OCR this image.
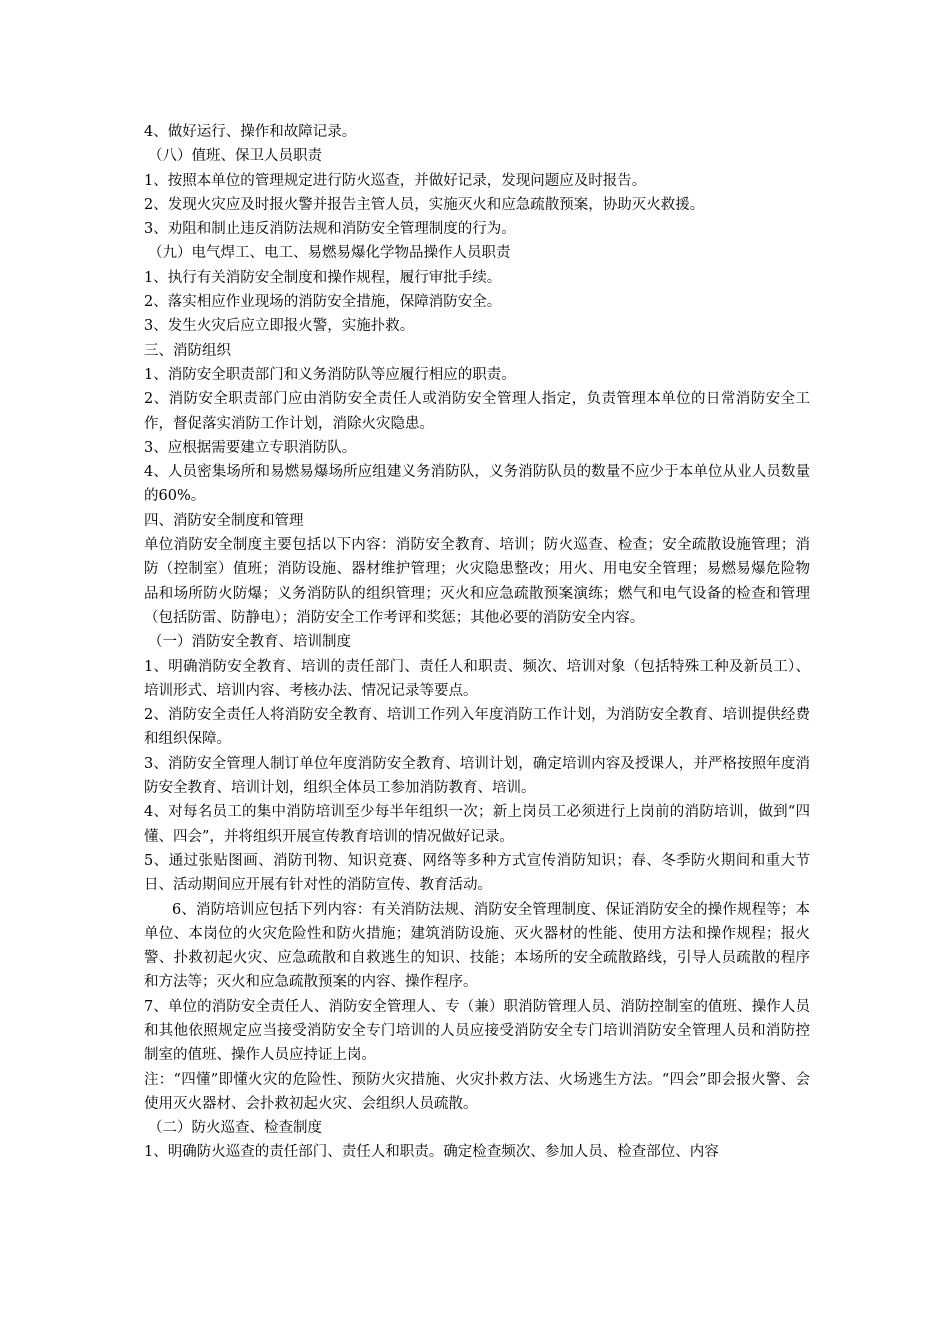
4、做好运行、操作和故障记录。

（八）值班、保卫人员职责

1、按照本单位的管理规定进行防火巡查，并做好记录，发现问题应及时报告。

2、发现火灾应及时报火警并报告主管人员，实施灭火和应急疏散预案，协助灭火救援。

3、劝阻和制止违反消防法规和消防安全管理制度的行为。

（九）电气焊工、电工、易燃易爆化学物品操作人员职责

1、执行有关消防安全制度和操作规程，履行审批手续。

2、落实相应作业现场的消防安全措施，保障消防安全。

3、发生火灾后应立即报火警，实施扑救。

三、消防组织

1、消防安全职责部门和义务消防队等应履行相应的职责。

2、消防安全职责部门应由消防安全责任人或消防安全管理人指定，负责管理本单位的日常消防安全工作，督促落实消防工作计划，消除火灾隐患。

3、应根据需要建立专职消防队。

4、人员密集场所和易燃易爆场所应组建义务消防队，义务消防队员的数量不应少于本单位从业人员数量的60%。

四、消防安全制度和管理

单位消防安全制度主要包括以下内容：消防安全教育、培训；防火巡查、检查；安全疏散设施管理；消防（控制室）值班；消防设施、器材维护管理；火灾隐患整改；用火、用电安全管理；易燃易爆危险物品和场所防火防爆；义务消防队的组织管理；灭火和应急疏散预案演练；燃气和电气设备的检查和管理（包括防雷、防静电）；消防安全工作考评和奖惩；其他必要的消防安全内容。

（一）消防安全教育、培训制度

1、明确消防安全教育、培训的责任部门、责任人和职责、频次、培训对象（包括特殊工种及新员工）、培训形式、培训内容、考核办法、情况记录等要点。

2、消防安全责任人将消防安全教育、培训工作列入年度消防工作计划，为消防安全教育、培训提供经费和组织保障。

3、消防安全管理人制订单位年度消防安全教育、培训计划，确定培训内容及授课人，并严格按照年度消防安全教育、培训计划，组织全体员工参加消防教育、培训。

4、对每名员工的集中消防培训至少每半年组织一次；新上岗员工必须进行上岗前的消防培训，做到“四懂、四会”，并将组织开展宣传教育培训的情况做好记录。

5、通过张贴图画、消防刊物、知识竞赛、网络等多种方式宣传消防知识；春、冬季防火期间和重大节日、活动期间应开展有针对性的消防宣传、教育活动。

6、消防培训应包括下列内容：有关消防法规、消防安全管理制度、保证消防安全的操作规程等；本单位、本岗位的火灾危险性和防火措施；建筑消防设施、灭火器材的性能、使用方法和操作规程；报火警、扑救初起火灾、应急疏散和自救逃生的知识、技能；本场所的安全疏散路线，引导人员疏散的程序和方法等；灭火和应急疏散预案的内容、操作程序。

7、单位的消防安全责任人、消防安全管理人、专（兼）职消防管理人员、消防控制室的值班、操作人员和其他依照规定应当接受消防安全专门培训的人员应接受消防安全专门培训消防安全管理人员和消防控制室的值班、操作人员应持证上岗。

注：“四懂”即懂火灾的危险性、预防火灾措施、火灾扑救方法、火场逃生方法。“四会”即会报火警、会使用灭火器材、会扑救初起火灾、会组织人员疏散。

（二）防火巡查、检查制度

1、明确防火巡查的责任部门、责任人和职责。确定检查频次、参加人员、检查部位、内容
